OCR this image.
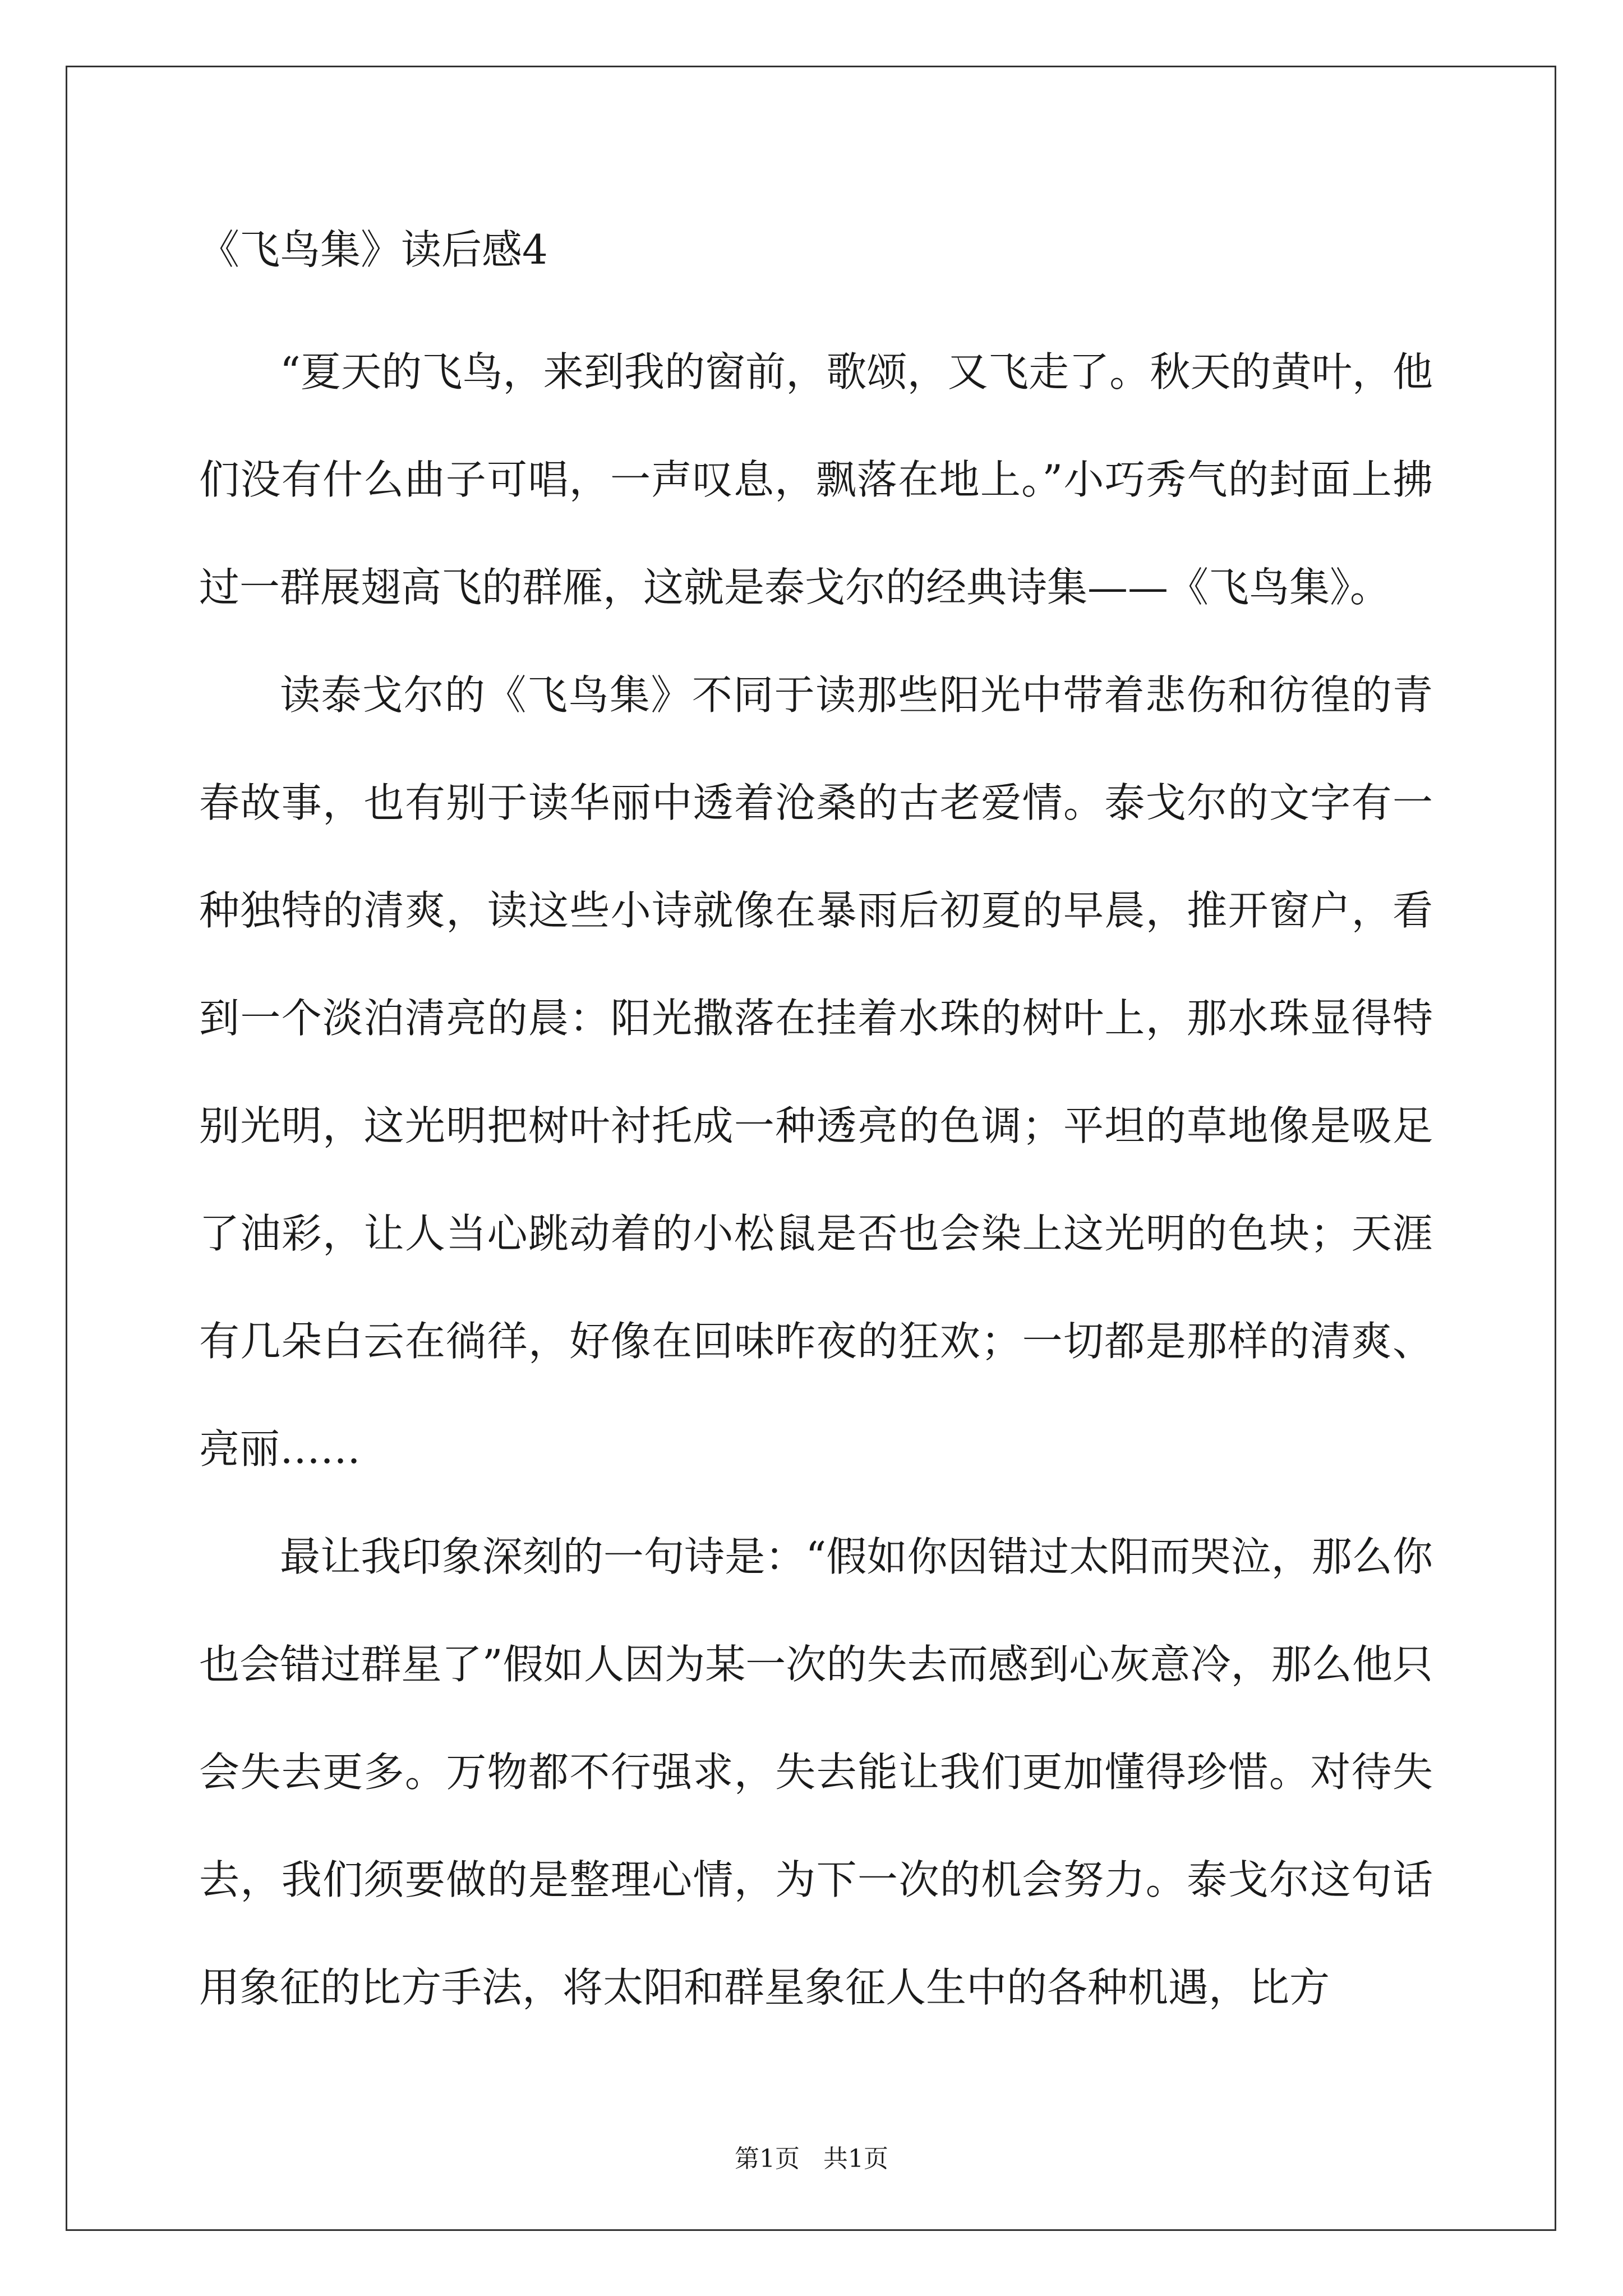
《飞鸟集》读后感4

“夏天的飞鸟，来到我的窗前，歌颂，又飞走了。秋天的黄叶，他们没有什么曲子可唱，一声叹息，飘落在地上。”小巧秀气的封面上拂过一群展翅高飞的群雁，这就是泰戈尔的经典诗集——《飞鸟集》。

读泰戈尔的《飞鸟集》不同于读那些阳光中带着悲伤和彷徨的青春故事，也有别于读华丽中透着沧桑的古老爱情。泰戈尔的文字有一种独特的清爽，读这些小诗就像在暴雨后初夏的早晨，推开窗户，看到一个淡泊清亮的晨：阳光撒落在挂着水珠的树叶上，那水珠显得特别光明，这光明把树叶衬托成一种透亮的色调；平坦的草地像是吸足了油彩，让人当心跳动着的小松鼠是否也会染上这光明的色块；天涯有几朵白云在徜徉，好像在回味昨夜的狂欢；一切都是那样的清爽、亮丽……

最让我印象深刻的一句诗是：“假如你因错过太阳而哭泣，那么你也会错过群星了”假如人因为某一次的失去而感到心灰意冷，那么他只会失去更多。万物都不行强求，失去能让我们更加懂得珍惜。对待失去，我们须要做的是整理心情，为下一次的机会努力。泰戈尔这句话用象征的比方手法，将太阳和群星象征人生中的各种机遇，比方

第1页   共1页
